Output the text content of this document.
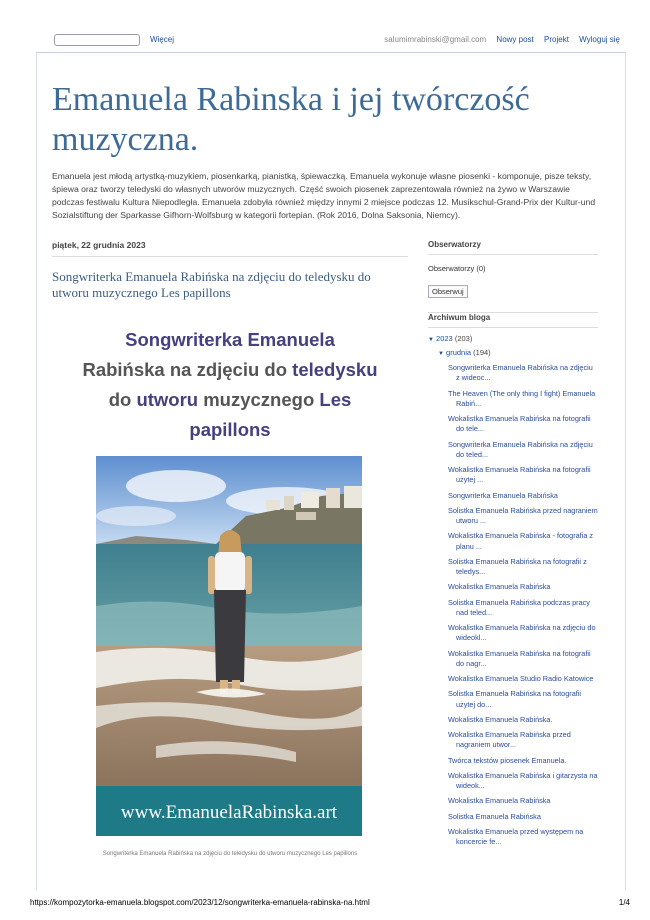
Więcej	salumimrabinski@gmail.com Nowy post Projekt Wyloguj się
Emanuela Rabinska i jej twórczość muzyczna.
Emanuela jest młodą artystką-muzykiem, piosenkarką, pianistką, śpiewaczką. Emanuela wykonuje własne piosenki - komponuje, pisze teksty, śpiewa oraz tworzy teledyski do własnych utworów muzycznych. Część swoich piosenek zaprezentowała również na żywo w Warszawie podczas festiwalu Kultura Niepodległa. Emanuela zdobyła również między innymi 2 miejsce podczas 12. Musikschul-Grand-Prix der Kultur-und Sozialstiftung der Sparkasse Gifhorn-Wolfsburg w kategorii fortepian. (Rok 2016, Dolna Saksonia, Niemcy).
piątek, 22 grudnia 2023
Songwriterka Emanuela Rabińska na zdjęciu do teledysku do utworu muzycznego Les papillons
Songwriterka Emanuela
Rabińska na zdjęciu do teledysku
do utworu muzycznego Les
papillons
www.EmanuelaRabinska.art
Songwriterka Emanuela Rabińska na zdjęciu do teledysku do utworu muzycznego Les papillons
Obserwatorzy
Obserwatorzy (0)
Obserwuj
Archiwum bloga
▼ 2023 (203)
▼ grudnia (194)
Songwriterka Emanuela Rabińska na zdjęciu z wideoc...
The Heaven (The only thing I fight) Emanuela Rabiń...
Wokalistka Emanuela Rabińska na fotografii do tele...
Songwriterka Emanuela Rabińska na zdjęciu do teled...
Wokalistka Emanuela Rabińska na fotografii użytej ...
Songwriterka Emanuela Rabińska
Solistka Emanuela Rabińska przed nagraniem utworu ...
Wokalistka Emanuela Rabińska - fotografia z planu ...
Solistka Emanuela Rabińska na fotografii z teledys...
Wokalistka Emanuela Rabińska
Solistka Emanuela Rabińska podczas pracy nad teled...
Wokalistka Emanuela Rabińska na zdjęciu do wideokl...
Wokalistka Emanuela Rabińska na fotografii do nagr...
Wokalistka Emanuela Studio Radio Katowice
Solistka Emanuela Rabińska na fotografii użytej do...
Wokalistka Emanuela Rabińska.
Wokalistka Emanuela Rabińska przed nagraniem utwor...
Twórca tekstów piosenek Emanuela.
Wokalistka Emanuela Rabińska i gitarzysta na wideok...
Wokalistka Emanuela Rabińska
Solistka Emanuela Rabińska
Wokalistka Emanuela przed występem na koncercie fe...
https://kompozytorka-emanuela.blogspot.com/2023/12/songwriterka-emanuela-rabinska-na.html	1/4
